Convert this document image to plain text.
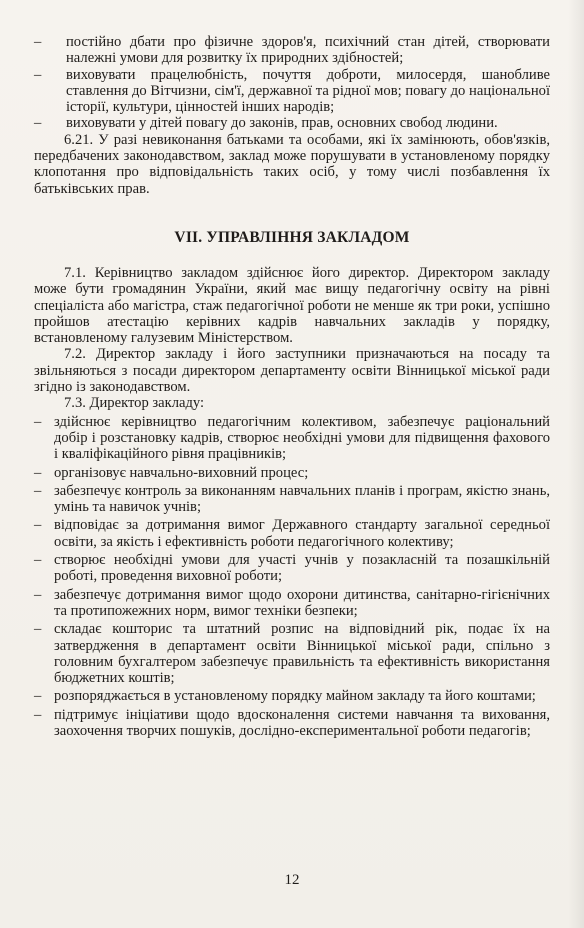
– постійно дбати про фізичне здоров'я, психічний стан дітей, створювати належні умови для розвитку їх природних здібностей;

– виховувати працелюбність, почуття доброти, милосердя, шанобливе ставлення до Вітчизни, сім'ї, державної та рідної мов; повагу до національної історії, культури, цінностей інших народів;

– виховувати у дітей повагу до законів, прав, основних свобод людини.

6.21. У разі невиконання батьками та особами, які їх замінюють, обов'язків, передбачених законодавством, заклад може порушувати в установленому порядку клопотання про відповідальність таких осіб, у тому числі позбавлення їх батьківських прав.

VII. УПРАВЛІННЯ ЗАКЛАДОМ

7.1. Керівництво закладом здійснює його директор. Директором закладу може бути громадянин України, який має вищу педагогічну освіту на рівні спеціаліста або магістра, стаж педагогічної роботи не менше як три роки, успішно пройшов атестацію керівних кадрів навчальних закладів у порядку, встановленому галузевим Міністерством.

7.2. Директор закладу і його заступники призначаються на посаду та звільняються з посади директором департаменту освіти Вінницької міської ради згідно із законодавством.

7.3. Директор закладу:

– здійснює керівництво педагогічним колективом, забезпечує раціональний добір і розстановку кадрів, створює необхідні умови для підвищення фахового і кваліфікаційного рівня працівників;

– організовує навчально-виховний процес;

– забезпечує контроль за виконанням навчальних планів і програм, якістю знань, умінь та навичок учнів;

– відповідає за дотримання вимог Державного стандарту загальної середньої освіти, за якість і ефективність роботи педагогічного колективу;

– створює необхідні умови для участі учнів у позакласній та позашкільній роботі, проведення виховної роботи;

– забезпечує дотримання вимог щодо охорони дитинства, санітарно-гігієнічних та протипожежних норм, вимог техніки безпеки;

– складає кошторис та штатний розпис на відповідний рік, подає їх на затвердження в департамент освіти Вінницької міської ради, спільно з головним бухгалтером забезпечує правильність та ефективність використання бюджетних коштів;

– розпоряджається в установленому порядку майном закладу та його коштами;

– підтримує ініціативи щодо вдосконалення системи навчання та виховання, заохочення творчих пошуків, дослідно-експериментальної роботи педагогів;

12
